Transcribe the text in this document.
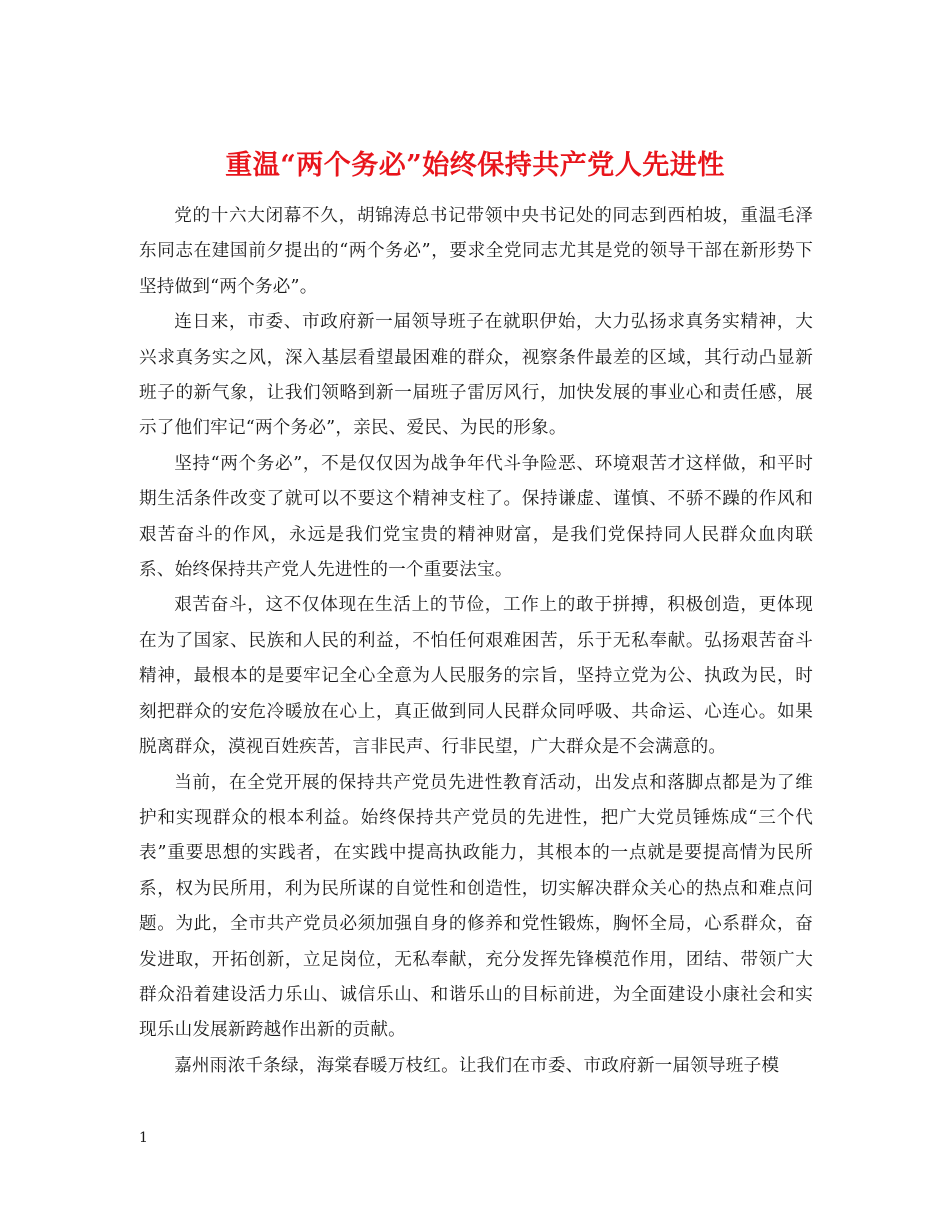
重温“两个务必”始终保持共产党人先进性

党的十六大闭幕不久，胡锦涛总书记带领中央书记处的同志到西柏坡，重温毛泽东同志在建国前夕提出的“两个务必”，要求全党同志尤其是党的领导干部在新形势下坚持做到“两个务必”。

连日来，市委、市政府新一届领导班子在就职伊始，大力弘扬求真务实精神，大兴求真务实之风，深入基层看望最困难的群众，视察条件最差的区域，其行动凸显新班子的新气象，让我们领略到新一届班子雷厉风行，加快发展的事业心和责任感，展示了他们牢记“两个务必”，亲民、爱民、为民的形象。

坚持“两个务必”，不是仅仅因为战争年代斗争险恶、环境艰苦才这样做，和平时期生活条件改变了就可以不要这个精神支柱了。保持谦虚、谨慎、不骄不躁的作风和艰苦奋斗的作风，永远是我们党宝贵的精神财富，是我们党保持同人民群众血肉联系、始终保持共产党人先进性的一个重要法宝。

艰苦奋斗，这不仅体现在生活上的节俭，工作上的敢于拼搏，积极创造，更体现在为了国家、民族和人民的利益，不怕任何艰难困苦，乐于无私奉献。弘扬艰苦奋斗精神，最根本的是要牢记全心全意为人民服务的宗旨，坚持立党为公、执政为民，时刻把群众的安危冷暖放在心上，真正做到同人民群众同呼吸、共命运、心连心。如果脱离群众，漠视百姓疾苦，言非民声、行非民望，广大群众是不会满意的。

当前，在全党开展的保持共产党员先进性教育活动，出发点和落脚点都是为了维护和实现群众的根本利益。始终保持共产党员的先进性，把广大党员锤炼成“三个代表”重要思想的实践者，在实践中提高执政能力，其根本的一点就是要提高情为民所系，权为民所用，利为民所谋的自觉性和创造性，切实解决群众关心的热点和难点问题。为此，全市共产党员必须加强自身的修养和党性锻炼，胸怀全局，心系群众，奋发进取，开拓创新，立足岗位，无私奉献，充分发挥先锋模范作用，团结、带领广大群众沿着建设活力乐山、诚信乐山、和谐乐山的目标前进，为全面建设小康社会和实现乐山发展新跨越作出新的贡献。

嘉州雨浓千条绿，海棠春暖万枝红。让我们在市委、市政府新一届领导班子模

1
